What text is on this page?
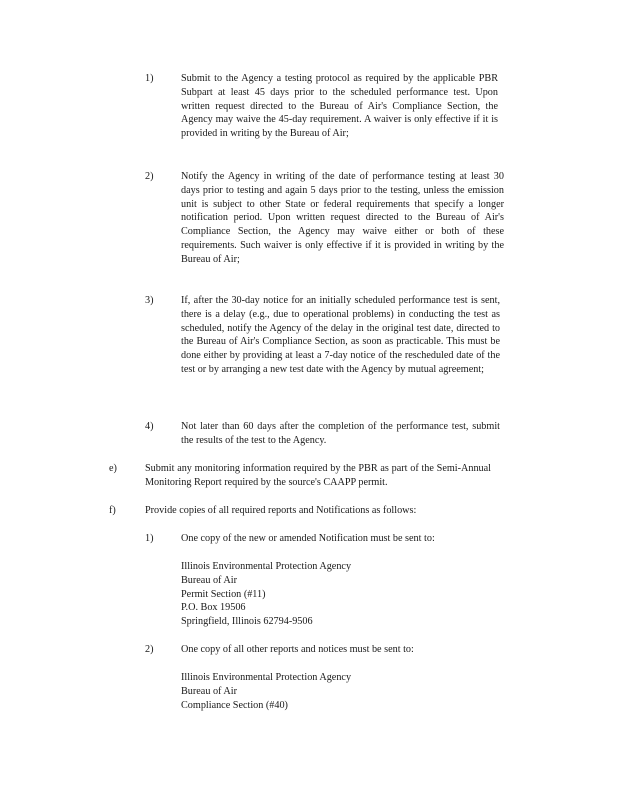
1)	Submit to the Agency a testing protocol as required by the applicable PBR Subpart at least 45 days prior to the scheduled performance test. Upon written request directed to the Bureau of Air's Compliance Section, the Agency may waive the 45-day requirement. A waiver is only effective if it is provided in writing by the Bureau of Air;
2)	Notify the Agency in writing of the date of performance testing at least 30 days prior to testing and again 5 days prior to the testing, unless the emission unit is subject to other State or federal requirements that specify a longer notification period. Upon written request directed to the Bureau of Air's Compliance Section, the Agency may waive either or both of these requirements. Such waiver is only effective if it is provided in writing by the Bureau of Air;
3)	If, after the 30-day notice for an initially scheduled performance test is sent, there is a delay (e.g., due to operational problems) in conducting the test as scheduled, notify the Agency of the delay in the original test date, directed to the Bureau of Air's Compliance Section, as soon as practicable. This must be done either by providing at least a 7-day notice of the rescheduled date of the test or by arranging a new test date with the Agency by mutual agreement;
4)	Not later than 60 days after the completion of the performance test, submit the results of the test to the Agency.
e)	Submit any monitoring information required by the PBR as part of the Semi-Annual Monitoring Report required by the source's CAAPP permit.
f)	Provide copies of all required reports and Notifications as follows:
1)	One copy of the new or amended Notification must be sent to:
Illinois Environmental Protection Agency
Bureau of Air
Permit Section (#11)
P.O. Box 19506
Springfield, Illinois 62794-9506
2)	One copy of all other reports and notices must be sent to:
Illinois Environmental Protection Agency
Bureau of Air
Compliance Section (#40)
